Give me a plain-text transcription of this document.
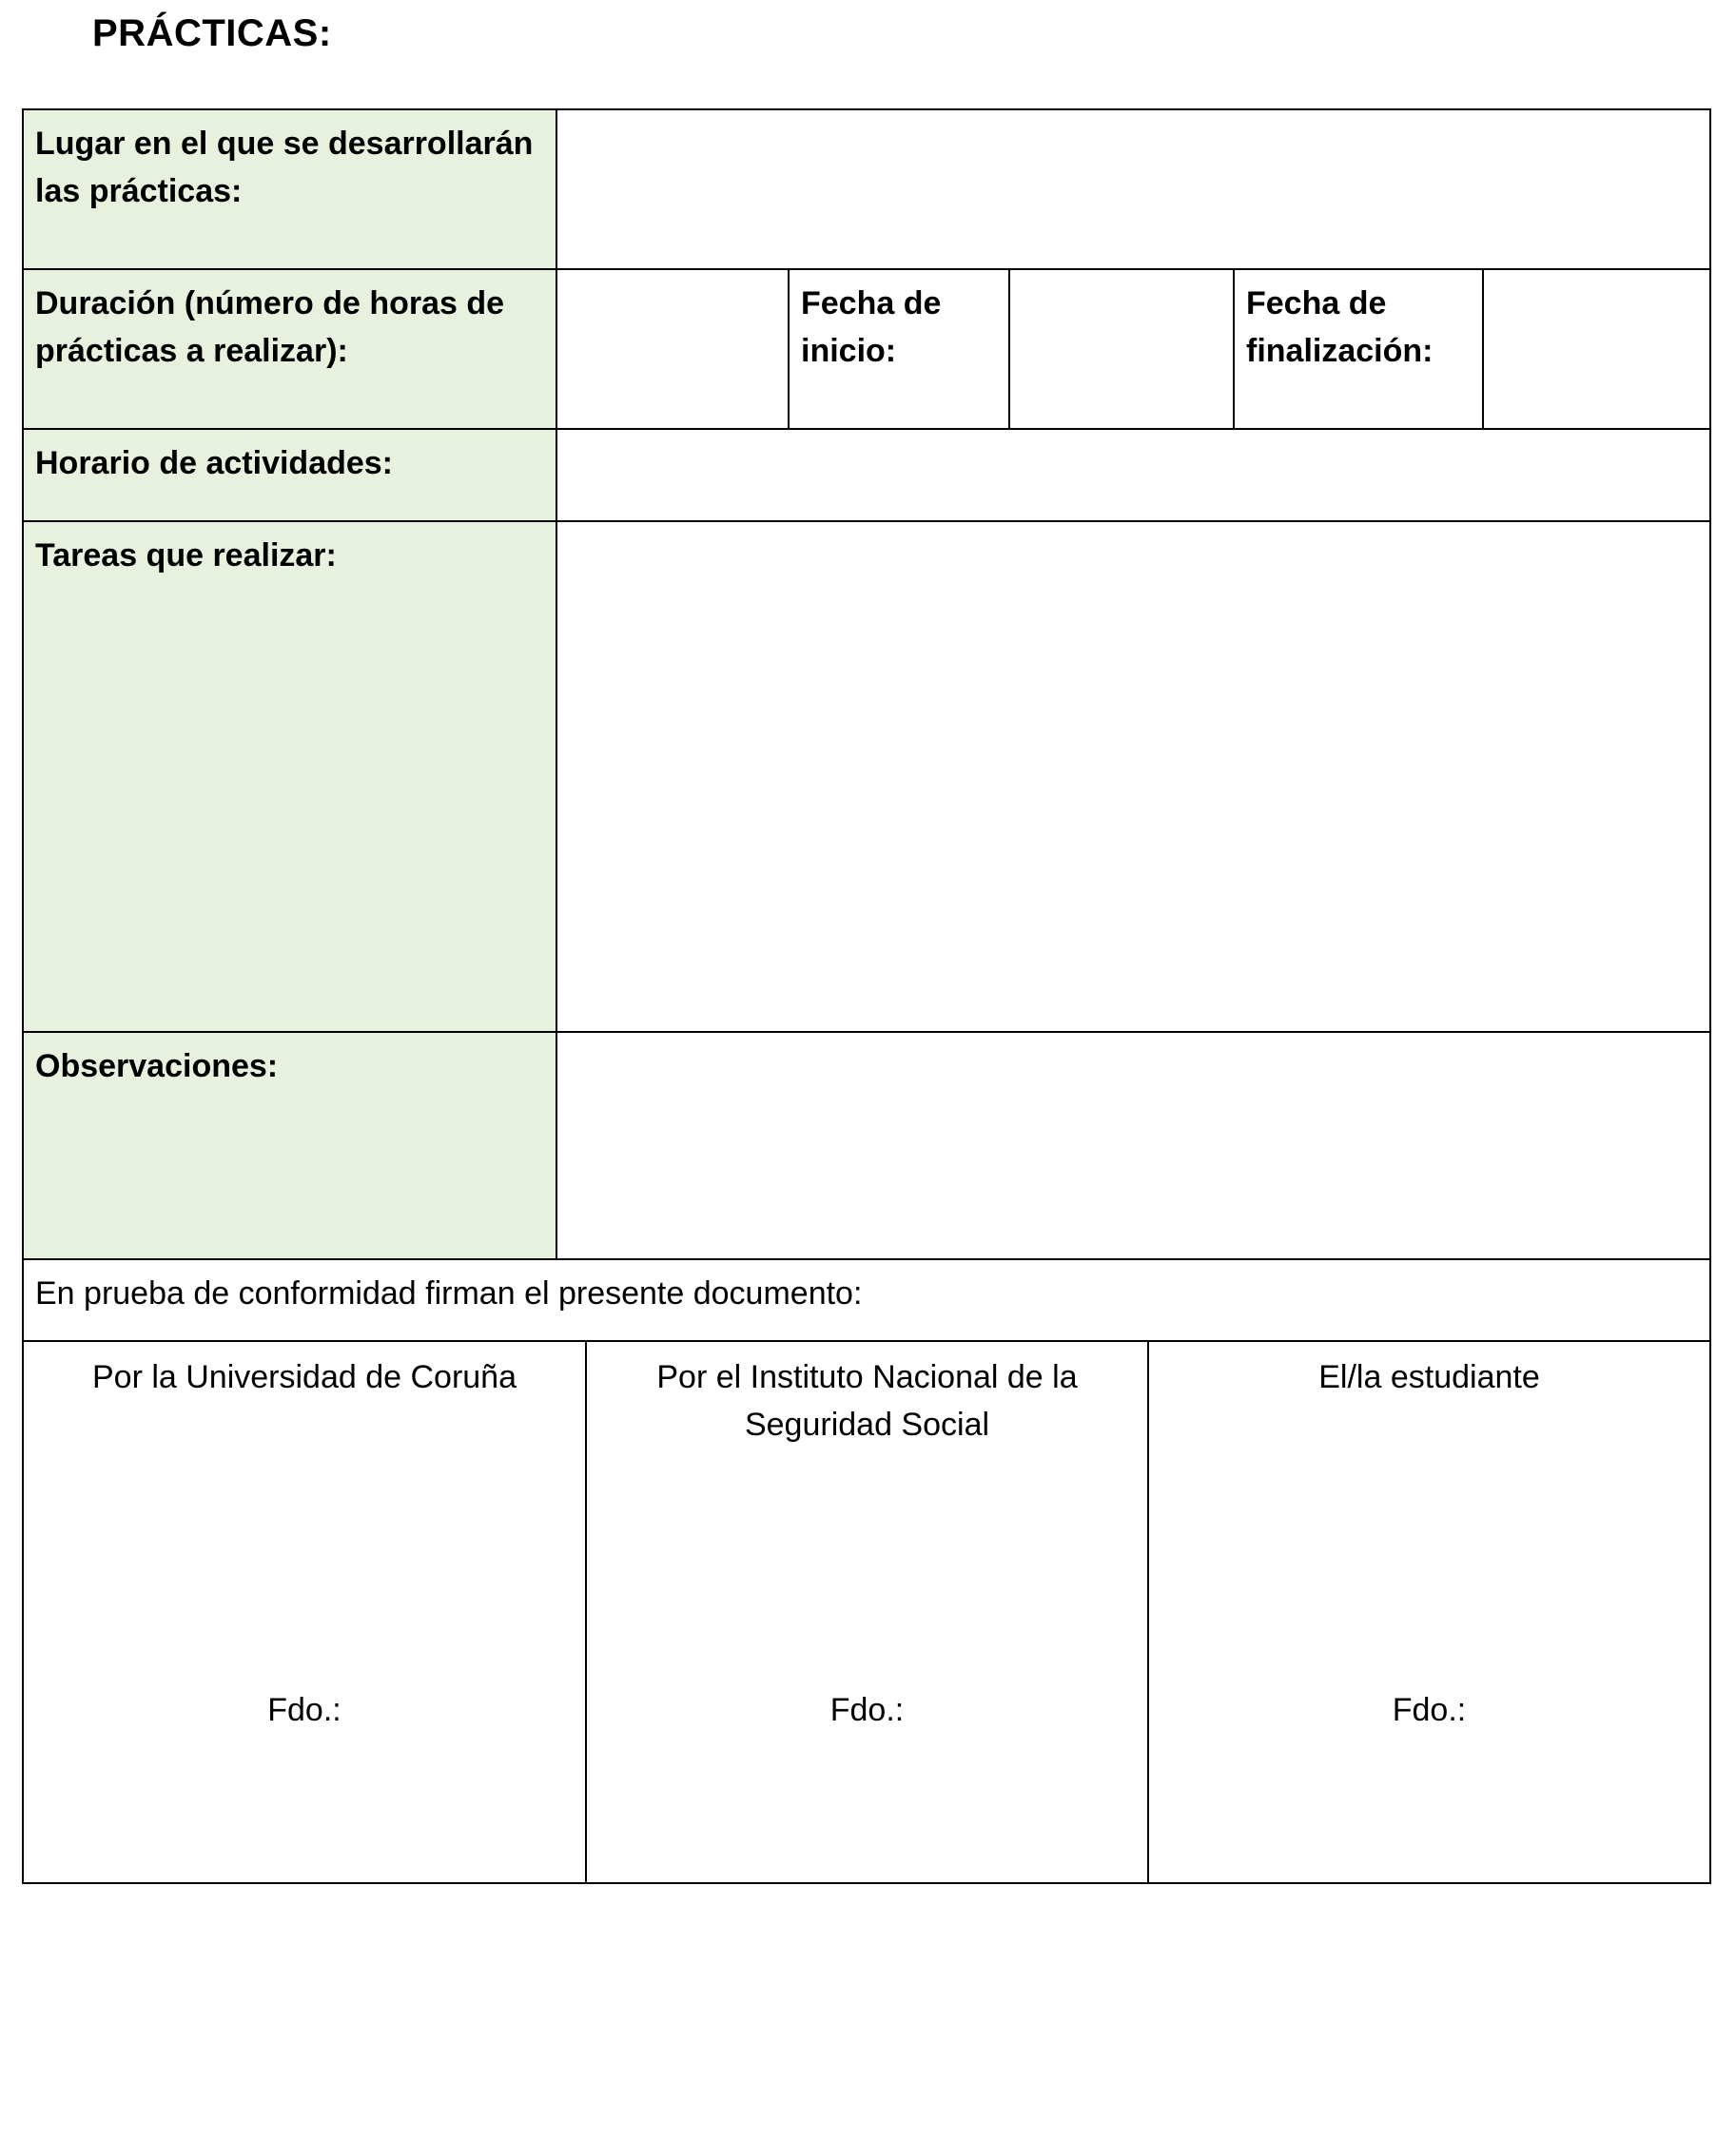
PRÁCTICAS:
Lugar en el que se desarrollarán las prácticas:
Duración (número de horas de prácticas a realizar):
Fecha de inicio:
Fecha de finalización:
Horario de actividades:
Tareas que realizar:
Observaciones:
En prueba de conformidad firman el presente documento:
Por la Universidad de Coruña
Fdo.:
Por el Instituto Nacional de la Seguridad Social
Fdo.:
El/la estudiante
Fdo.:
